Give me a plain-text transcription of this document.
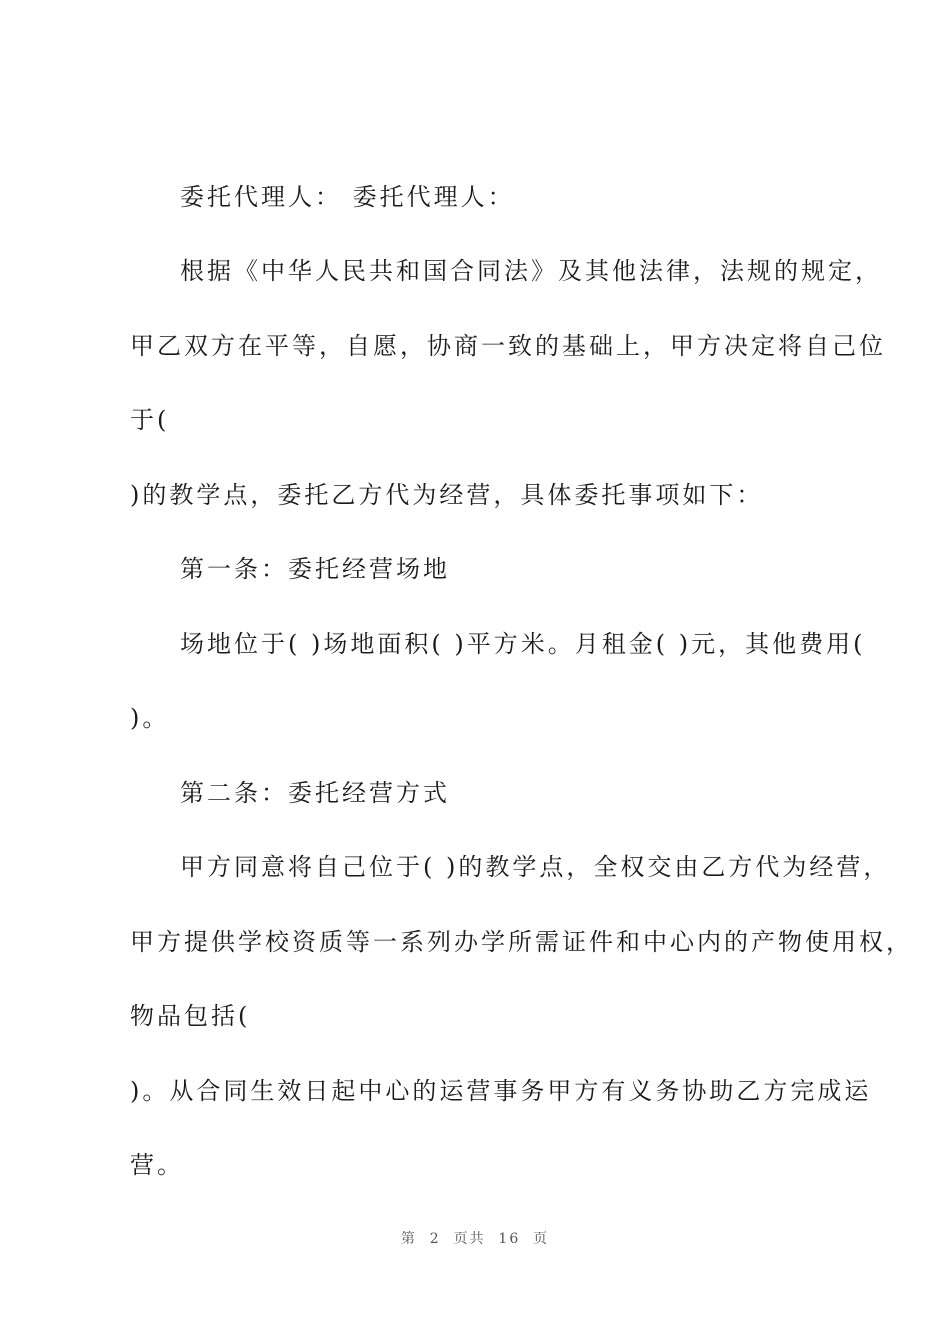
委托代理人： 委托代理人：
根据《中华人民共和国合同法》及其他法律，法规的规定，
甲乙双方在平等，自愿，协商一致的基础上，甲方决定将自己位
于(
)的教学点，委托乙方代为经营，具体委托事项如下：
第一条：委托经营场地
场地位于( )场地面积( )平方米。月租金( )元，其他费用(
)。
第二条：委托经营方式
甲方同意将自己位于( )的教学点，全权交由乙方代为经营，
甲方提供学校资质等一系列办学所需证件和中心内的产物使用权，
物品包括(
)。从合同生效日起中心的运营事务甲方有义务协助乙方完成运
营。
第  2  页共  16  页
